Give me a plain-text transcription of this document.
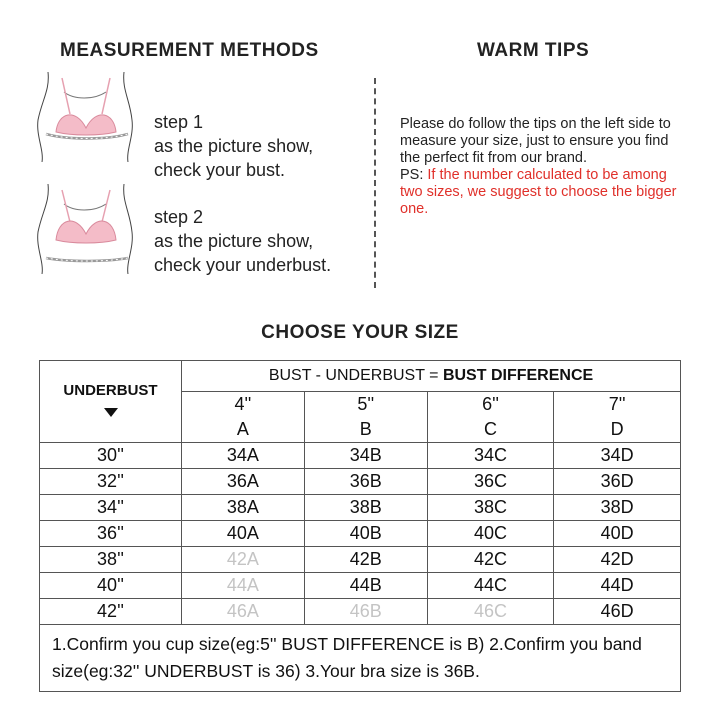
MEASUREMENT METHODS	WARM TIPS
step 1
as the picture show,
check your bust.
step 2
as the picture show,
check your underbust.
Please do follow the tips on the left side to measure your size, just to ensure you find the perfect fit from our brand.
PS: If the number calculated to be among two sizes, we suggest to choose the bigger one.
CHOOSE YOUR SIZE
UNDERBUST	BUST - UNDERBUST = BUST DIFFERENCE			
	4''	5''	6''	7''
	A	B	C	D
30''	34A	34B	34C	34D
32''	36A	36B	36C	36D
34''	38A	38B	38C	38D
36''	40A	40B	40C	40D
38''	42A	42B	42C	42D
40''	44A	44B	44C	44D
42''	46A	46B	46C	46D
1.Confirm you cup size(eg:5'' BUST DIFFERENCE is B) 2.Confirm you band size(eg:32'' UNDERBUST is 36) 3.Your bra size is 36B.				
